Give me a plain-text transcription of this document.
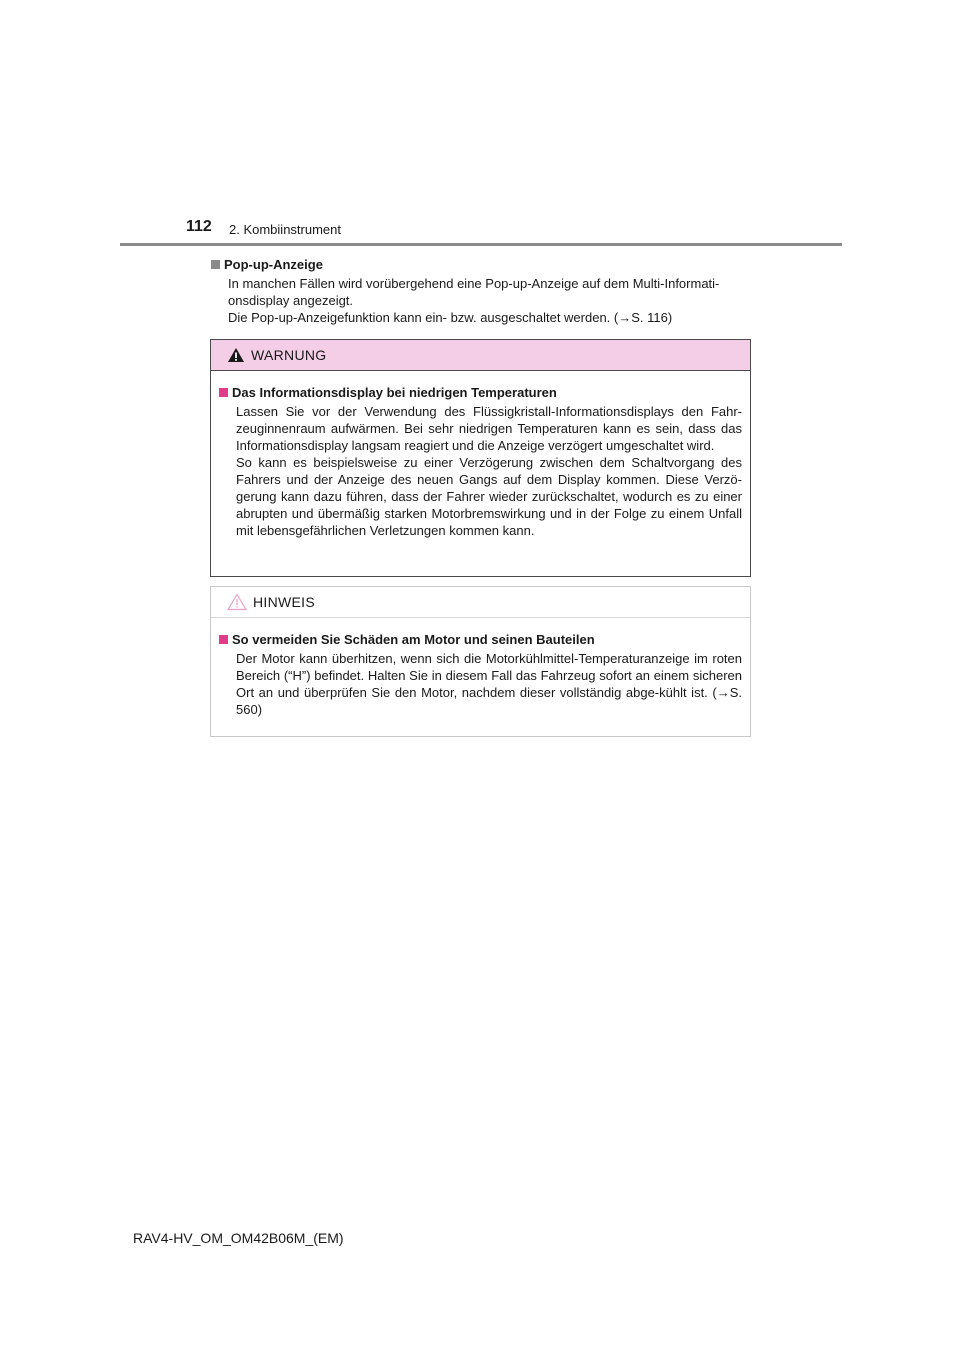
112 2. Kombiinstrument
Pop-up-Anzeige
In manchen Fällen wird vorübergehend eine Pop-up-Anzeige auf dem Multi-Informati-
onsdisplay angezeigt.
Die Pop-up-Anzeigefunktion kann ein- bzw. ausgeschaltet werden. (→S. 116)
WARNUNG
Das Informationsdisplay bei niedrigen Temperaturen
Lassen Sie vor der Verwendung des Flüssigkristall-Informationsdisplays den Fahr-zeuginnenraum aufwärmen. Bei sehr niedrigen Temperaturen kann es sein, dass das Informationsdisplay langsam reagiert und die Anzeige verzögert umgeschaltet wird.
So kann es beispielsweise zu einer Verzögerung zwischen dem Schaltvorgang des Fahrers und der Anzeige des neuen Gangs auf dem Display kommen. Diese Verzö-gerung kann dazu führen, dass der Fahrer wieder zurückschaltet, wodurch es zu einer abrupten und übermäßig starken Motorbremswirkung und in der Folge zu einem Unfall mit lebensgefährlichen Verletzungen kommen kann.
HINWEIS
So vermeiden Sie Schäden am Motor und seinen Bauteilen
Der Motor kann überhitzen, wenn sich die Motorkühlmittel-Temperaturanzeige im roten Bereich (“H”) befindet. Halten Sie in diesem Fall das Fahrzeug sofort an einem sicheren Ort an und überprüfen Sie den Motor, nachdem dieser vollständig abge-kühlt ist. (→S. 560)
RAV4-HV_OM_OM42B06M_(EM)
